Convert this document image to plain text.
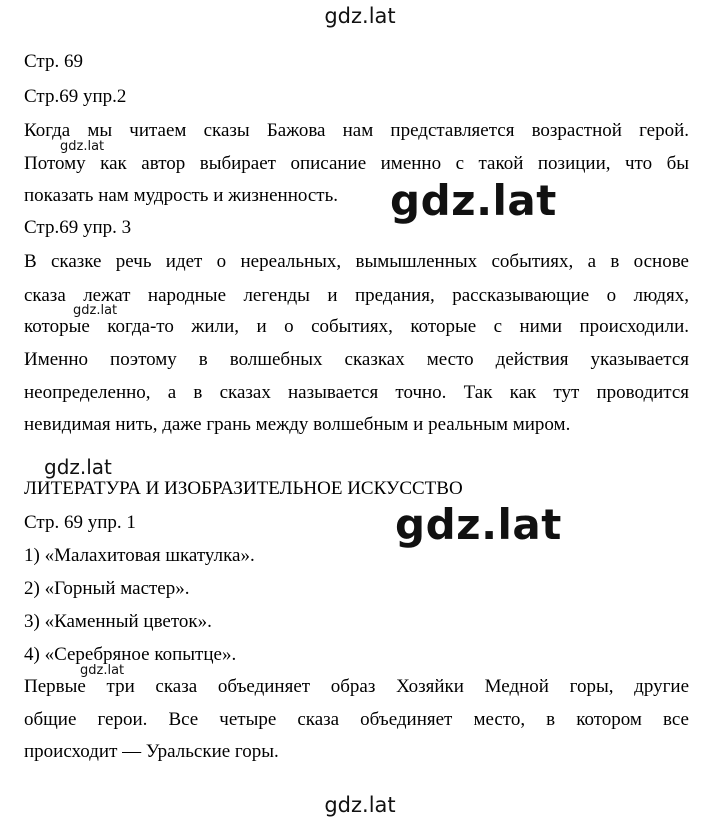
gdz.lat
Стр. 69
Стр.69 упр.2
Когда мы читаем сказы Бажова нам представляется возрастной герой.
gdz.lat
Потому как автор выбирает описание именно с такой позиции, что бы
показать нам мудрость и жизненность. gdz.lat
Стр.69 упр. 3
В сказке речь идет о нереальных, вымышленных событиях, а в основе
сказа лежат народные легенды и предания, рассказывающие о людях,
gdz.lat
которые когда-то жили, и о событиях, которые с ними происходили.
Именно поэтому в волшебных сказках место действия указывается
неопределенно, а в сказах называется точно. Так как тут проводится
невидимая нить, даже грань между волшебным и реальным миром.
gdz.lat
ЛИТЕРАТУРА И ИЗОБРАЗИТЕЛЬНОЕ ИСКУССТВО
gdz.lat
Стр. 69 упр. 1
1) «Малахитовая шкатулка».
2) «Горный мастер».
3) «Каменный цветок».
4) «Серебряное копытце».
gdz.lat
Первые три сказа объединяет образ Хозяйки Медной горы, другие
общие герои. Все четыре сказа объединяет место, в котором все
происходит — Уральские горы.
gdz.lat
